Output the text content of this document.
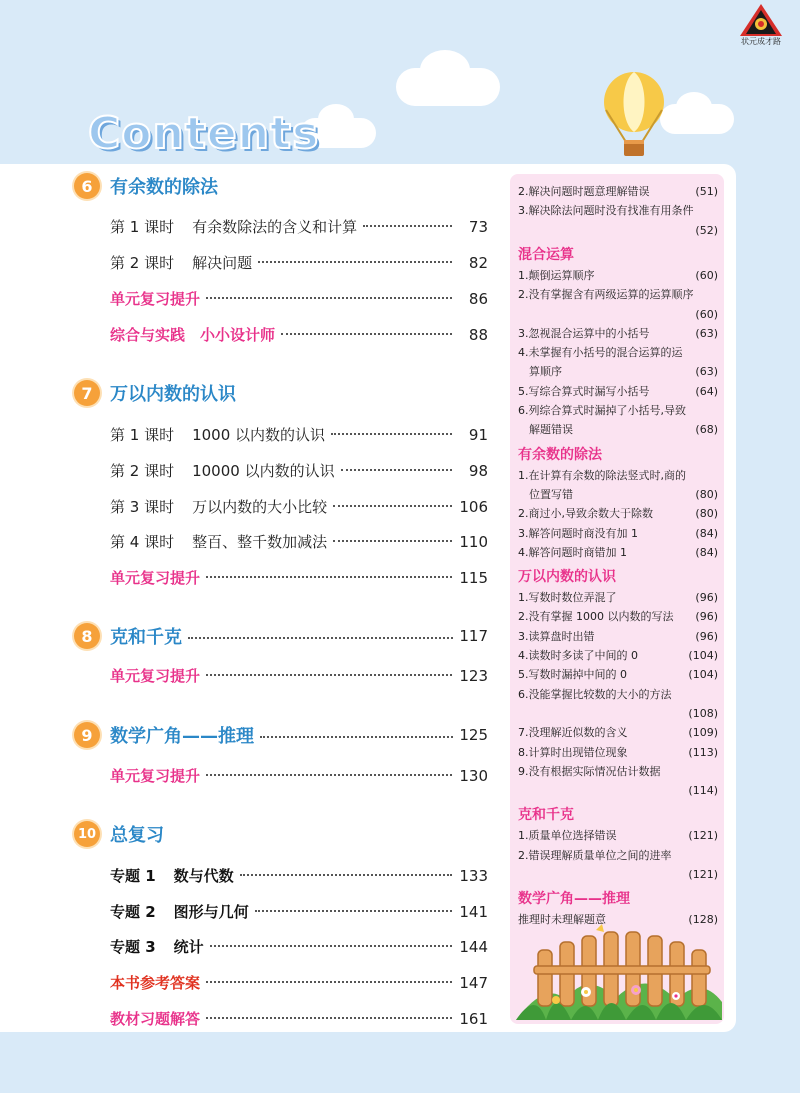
状元成才路
Contents
6 有余数的除法
第 1 课时 有余数除法的含义和计算	73
第 2 课时 解决问题	82
单元复习提升	86
综合与实践　小小设计师	88
7 万以内数的认识
第 1 课时 1000 以内数的认识	91
第 2 课时 10000 以内数的认识	98
第 3 课时 万以内数的大小比较	106
第 4 课时 整百、整千数加减法	110
单元复习提升	115
8 克和千克	117
单元复习提升	123
9 数学广角——推理	125
单元复习提升	130
10 总复习
专题 1 数与代数	133
专题 2 图形与几何	141
专题 3 统计	144
本书参考答案	147
教材习题解答	161
2.解决问题时题意理解错误	(51)
3.解决除法问题时没有找准有用条件
(52)
混合运算
1.颠倒运算顺序	(60)
2.没有掌握含有两级运算的运算顺序
(60)
3.忽视混合运算中的小括号	(63)
4.未掌握有小括号的混合运算的运
　算顺序	(63)
5.写综合算式时漏写小括号	(64)
6.列综合算式时漏掉了小括号,导致
　解题错误	(68)
有余数的除法
1.在计算有余数的除法竖式时,商的
　位置写错	(80)
2.商过小,导致余数大于除数	(80)
3.解答问题时商没有加 1	(84)
4.解答问题时商错加 1	(84)
万以内数的认识
1.写数时数位弄混了	(96)
2.没有掌握 1000 以内数的写法 (96)
3.读算盘时出错	(96)
4.读数时多读了中间的 0	(104)
5.写数时漏掉中间的 0	(104)
6.没能掌握比较数的大小的方法
(108)
7.没理解近似数的含义	(109)
8.计算时出现错位现象	(113)
9.没有根据实际情况估计数据
(114)
克和千克
1.质量单位选择错误	(121)
2.错误理解质量单位之间的进率
(121)
数学广角——推理
推理时未理解题意	(128)
